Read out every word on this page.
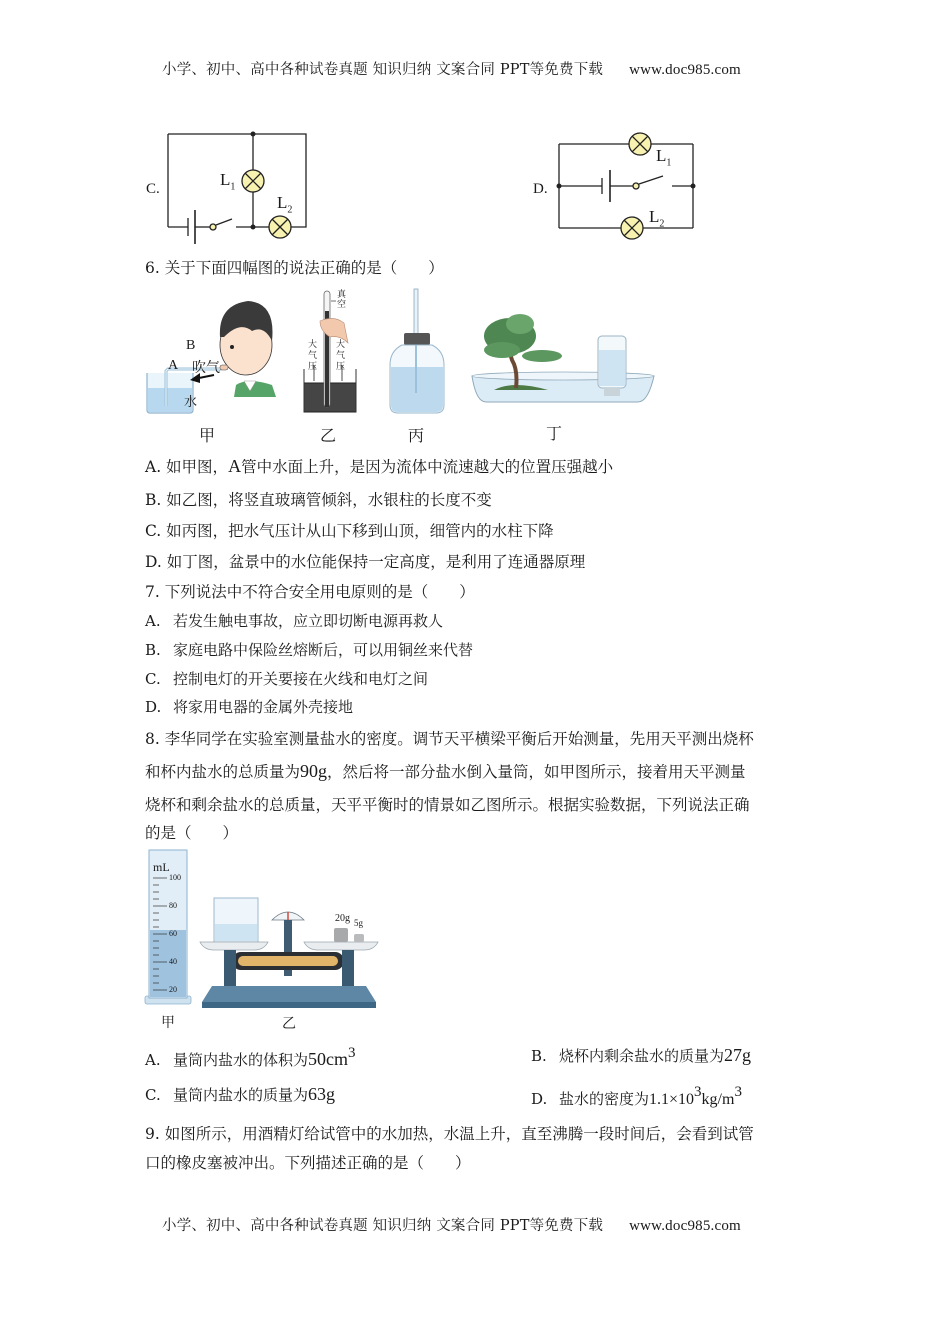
小学、初中、高中各种试卷真题 知识归纳 文案合同 PPT等免费下载 www.doc985.com
C.	$L_1$
$L_2$
D.
$L_1$
$L_2$
6. 关于下面四幅图的说法正确的是（　　）
B
A 吹气
水
甲
真
空
大
气
压
大
气
压
乙	丙	丁
A. 如甲图，A管中水面上升，是因为流体中流速越大的位置压强越小
B. 如乙图，将竖直玻璃管倾斜，水银柱的长度不变
C. 如丙图，把水气压计从山下移到山顶，细管内的水柱下降
D. 如丁图，盆景中的水位能保持一定高度，是利用了连通器原理
7. 下列说法中不符合安全用电原则的是（　　）
A. 若发生触电事故，应立即切断电源再救人
B. 家庭电路中保险丝熔断后，可以用铜丝来代替
C. 控制电灯的开关要接在火线和电灯之间
D. 将家用电器的金属外壳接地
8. 李华同学在实验室测量盐水的密度。调节天平横梁平衡后开始测量，先用天平测出烧杯
和杯内盐水的总质量为90g，然后将一部分盐水倒入量筒，如甲图所示，接着用天平测量
烧杯和剩余盐水的总质量，天平平衡时的情景如乙图所示。根据实验数据，下列说法正确
的是（　　）
mL
100
80
60
40
20
甲
20g 5g
乙
A. 量筒内盐水的体积为$50cm^3$	B. 烧杯内剩余盐水的质量为27g
C. 量筒内盐水的质量为63g	D. 盐水的密度为$1.1\times 10^3kg/m^3$
9. 如图所示，用酒精灯给试管中的水加热，水温上升，直至沸腾一段时间后，会看到试管
口的橡皮塞被冲出。下列描述正确的是（　　）
小学、初中、高中各种试卷真题 知识归纳 文案合同 PPT等免费下载 www.doc985.com
